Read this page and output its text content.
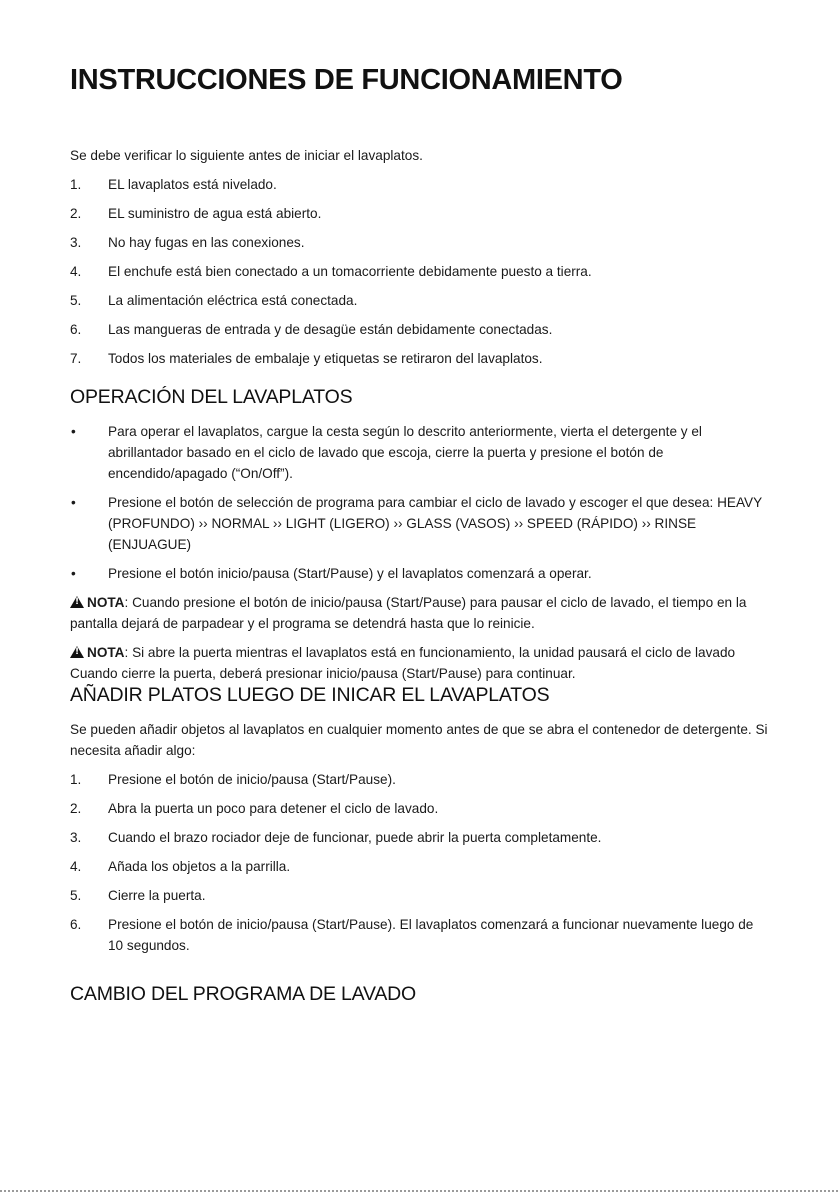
INSTRUCCIONES DE FUNCIONAMIENTO

Se debe verificar lo siguiente antes de iniciar el lavaplatos.

1. EL lavaplatos está nivelado.
2. EL suministro de agua está abierto.
3. No hay fugas en las conexiones.
4. El enchufe está bien conectado a un tomacorriente debidamente puesto a tierra.
5. La alimentación eléctrica está conectada.
6. Las mangueras de entrada y de desagüe están debidamente conectadas.
7. Todos los materiales de embalaje y etiquetas se retiraron del lavaplatos.
OPERACIÓN DEL LAVAPLATOS
• Para operar el lavaplatos, cargue la cesta según lo descrito anteriormente, vierta el detergente y el abrillantador basado en el ciclo de lavado que escoja, cierre la puerta y presione el botón de encendido/apagado (“On/Off”).
• Presione el botón de selección de programa para cambiar el ciclo de lavado y escoger el que desea: HEAVY (PROFUNDO) ›› NORMAL ›› LIGHT (LIGERO) ›› GLASS (VASOS) ›› SPEED (RÁPIDO) ›› RINSE (ENJUAGUE)
• Presione el botón inicio/pausa (Start/Pause) y el lavaplatos comenzará a operar.

!NOTA: Cuando presione el botón de inicio/pausa (Start/Pause) para pausar el ciclo de lavado, el tiempo en la pantalla dejará de parpadear y el programa se detendrá hasta que lo reinicie.

!NOTA: Si abre la puerta mientras el lavaplatos está en funcionamiento, la unidad pausará el ciclo de lavado Cuando cierre la puerta, deberá presionar inicio/pausa (Start/Pause) para continuar.

AÑADIR PLATOS LUEGO DE INICAR EL LAVAPLATOS

Se pueden añadir objetos al lavaplatos en cualquier momento antes de que se abra el contenedor de detergente. Si necesita añadir algo:

1. Presione el botón de inicio/pausa (Start/Pause).
2. Abra la puerta un poco para detener el ciclo de lavado.
3. Cuando el brazo rociador deje de funcionar, puede abrir la puerta completamente.
4. Añada los objetos a la parrilla.
5. Cierre la puerta.
6. Presione el botón de inicio/pausa (Start/Pause). El lavaplatos comenzará a funcionar nuevamente luego de 10 segundos.
CAMBIO DEL PROGRAMA DE LAVADO
